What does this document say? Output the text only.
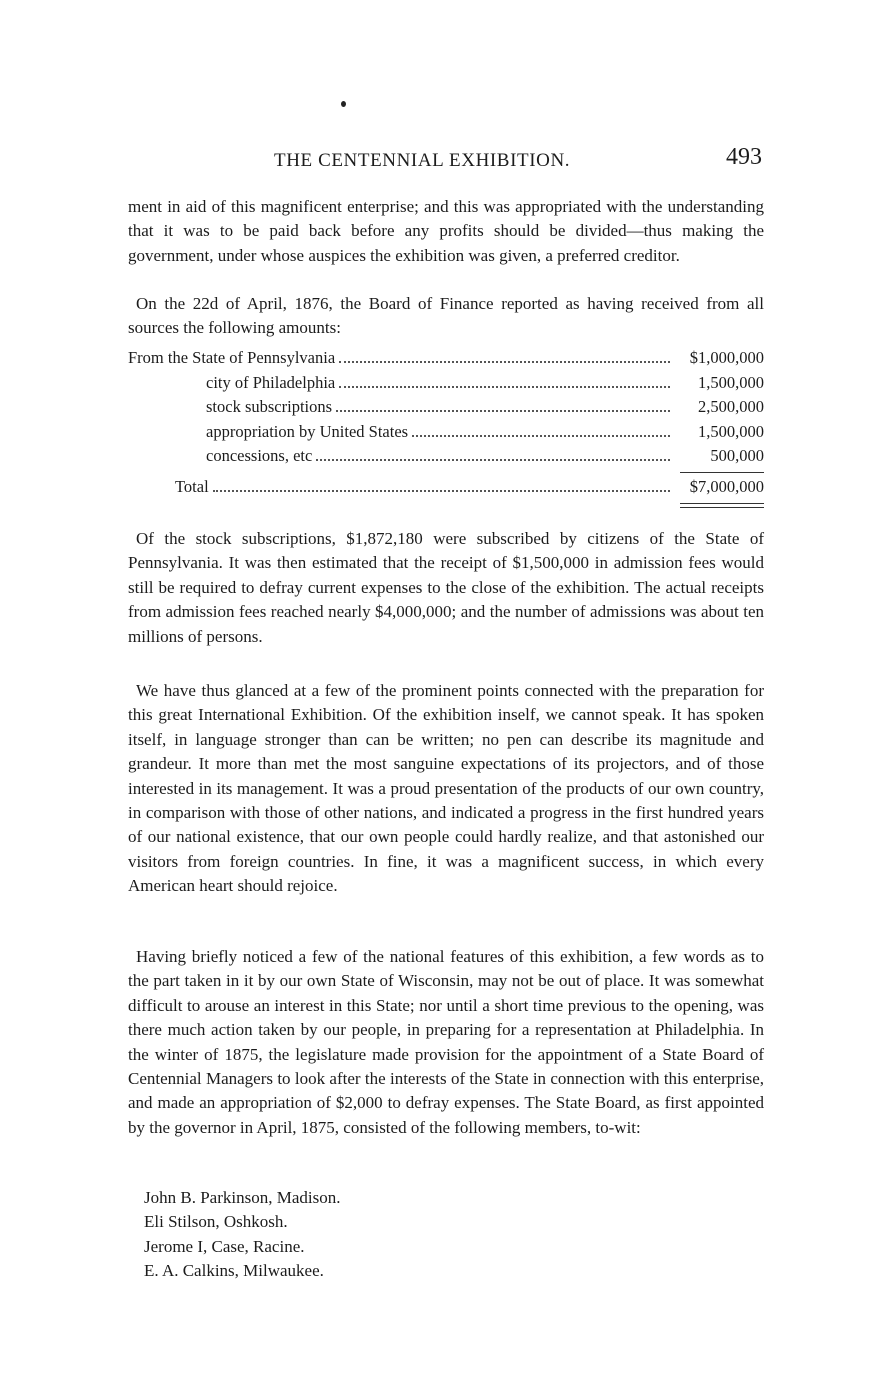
THE CENTENNIAL EXHIBITION.	493

ment in aid of this magnificent enterprise; and this was appropriated with the understanding that it was to be paid back before any profits should be divided—thus making the government, under whose auspices the exhibition was given, a preferred creditor.

On the 22d of April, 1876, the Board of Finance reported as having received from all sources the following amounts:

From the State of Pennsylvania	$1,000,000
city of Philadelphia	1,500,000
stock subscriptions	2,500,000
appropriation by United States	1,500,000
concessions, etc	500,000
Total	$7,000,000

Of the stock subscriptions, $1,872,180 were subscribed by citizens of the State of Pennsylvania. It was then estimated that the receipt of $1,500,000 in admission fees would still be required to defray current expenses to the close of the exhibition. The actual receipts from admission fees reached nearly $4,000,000; and the number of admissions was about ten millions of persons.

We have thus glanced at a few of the prominent points connected with the preparation for this great International Exhibition. Of the exhibition inself, we cannot speak. It has spoken itself, in language stronger than can be written; no pen can describe its magnitude and grandeur. It more than met the most sanguine expectations of its projectors, and of those interested in its management. It was a proud presentation of the products of our own country, in comparison with those of other nations, and indicated a progress in the first hundred years of our national existence, that our own people could hardly realize, and that astonished our visitors from foreign countries. In fine, it was a magnificent success, in which every American heart should rejoice.

Having briefly noticed a few of the national features of this exhibition, a few words as to the part taken in it by our own State of Wisconsin, may not be out of place. It was somewhat difficult to arouse an interest in this State; nor until a short time previous to the opening, was there much action taken by our people, in preparing for a representation at Philadelphia. In the winter of 1875, the legislature made provision for the appointment of a State Board of Centennial Managers to look after the interests of the State in connection with this enterprise, and made an appropriation of $2,000 to defray expenses. The State Board, as first appointed by the governor in April, 1875, consisted of the following members, to-wit:

John B. Parkinson, Madison.
Eli Stilson, Oshkosh.
Jerome I, Case, Racine.
E. A. Calkins, Milwaukee.
